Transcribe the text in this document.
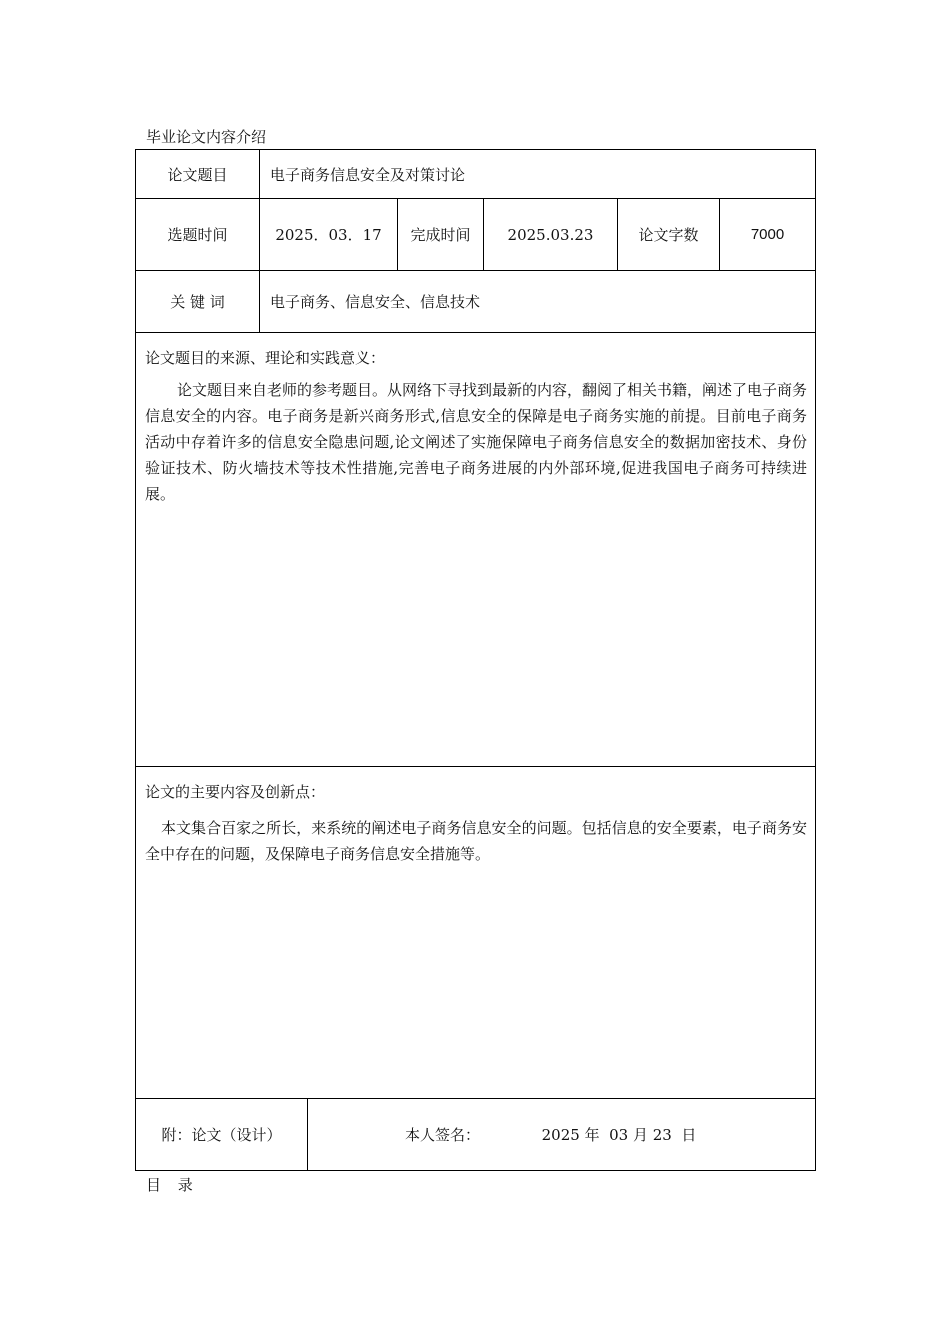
毕业论文内容介绍
论文题目	电子商务信息安全及对策讨论
选题时间	2025．03．17	完成时间	2025.03.23	论文字数	7000
关 键 词	电子商务、信息安全、信息技术
论文题目的来源、理论和实践意义：
论文题目来自老师的参考题目。从网络下寻找到最新的内容，翻阅了相关书籍，阐述了电子商务信息安全的内容。电子商务是新兴商务形式,信息安全的保障是电子商务实施的前提。目前电子商务活动中存着许多的信息安全隐患问题,论文阐述了实施保障电子商务信息安全的数据加密技术、身份验证技术、防火墙技术等技术性措施,完善电子商务进展的内外部环境,促进我国电子商务可持续进展。
论文的主要内容及创新点：
本文集合百家之所长，来系统的阐述电子商务信息安全的问题。包括信息的安全要素，电子商务安全中存在的问题，及保障电子商务信息安全措施等。
附：论文（设计）	本人签名：	2025 年  03 月 23  日
目 录
